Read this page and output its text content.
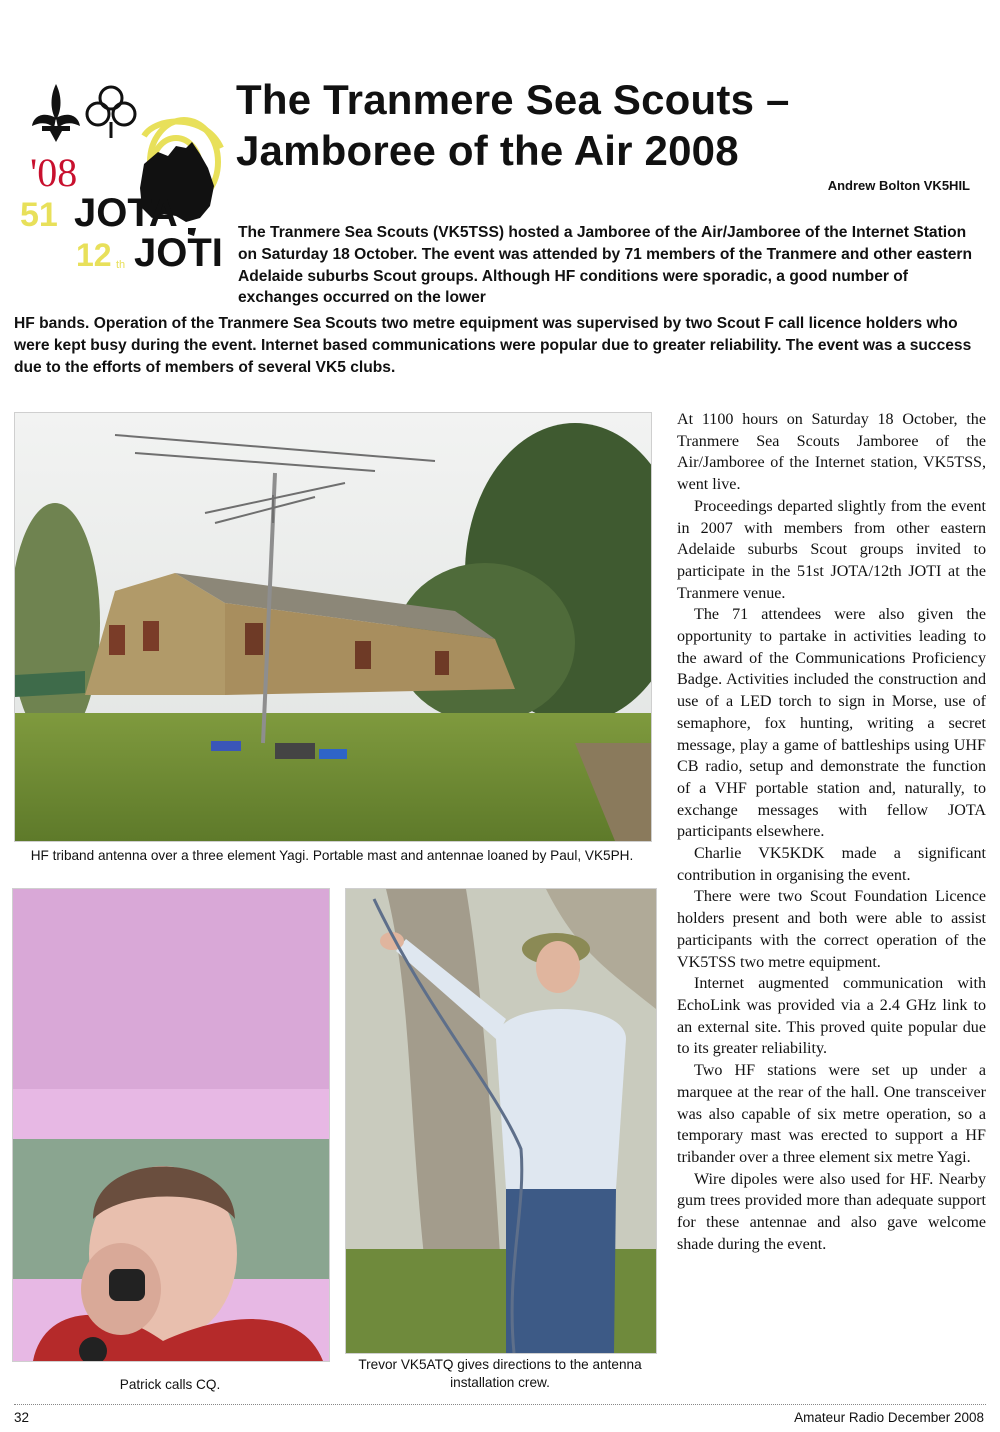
'08
51 JOTA
12 th JOTI
The Tranmere Sea Scouts –
Jamboree of the Air 2008
Andrew Bolton VK5HIL
The Tranmere Sea Scouts (VK5TSS) hosted a Jamboree of the Air/Jamboree of the Internet Station on Saturday 18 October. The event was attended by 71 members of the Tranmere and other eastern Adelaide suburbs Scout groups. Although HF conditions were sporadic, a good number of exchanges occurred on the lower
HF bands. Operation of the Tranmere Sea Scouts two metre equipment was supervised by two Scout F call licence holders who were kept busy during the event. Internet based communications were popular due to greater reliability. The event was a success due to the efforts of members of several VK5 clubs.
HF triband antenna over a three element Yagi. Portable mast and antennae loaned by Paul, VK5PH.
Patrick calls CQ.
Trevor VK5ATQ gives directions to the antenna installation crew.

At 1100 hours on Saturday 18 October, the Tranmere Sea Scouts Jamboree of the Air/Jamboree of the Internet station, VK5TSS, went live.

Proceedings departed slightly from the event in 2007 with members from other eastern Adelaide suburbs Scout groups invited to participate in the 51st JOTA/12th JOTI at the Tranmere venue.

The 71 attendees were also given the opportunity to partake in activities leading to the award of the Communications Proficiency Badge. Activities included the construction and use of a LED torch to sign in Morse, use of semaphore, fox hunting, writing a secret message, play a game of battleships using UHF CB radio, setup and demonstrate the function of a VHF portable station and, naturally, to exchange messages with fellow JOTA participants elsewhere.

Charlie VK5KDK made a significant contribution in organising the event.

There were two Scout Foundation Licence holders present and both were able to assist participants with the correct operation of the VK5TSS two metre equipment.

Internet augmented communication with EchoLink was provided via a 2.4 GHz link to an external site. This proved quite popular due to its greater reliability.

Two HF stations were set up under a marquee at the rear of the hall. One transceiver was also capable of six metre operation, so a temporary mast was erected to support a HF tribander over a three element six metre Yagi.

Wire dipoles were also used for HF. Nearby gum trees provided more than adequate support for these antennae and also gave welcome shade during the event.

32	Amateur Radio December 2008
